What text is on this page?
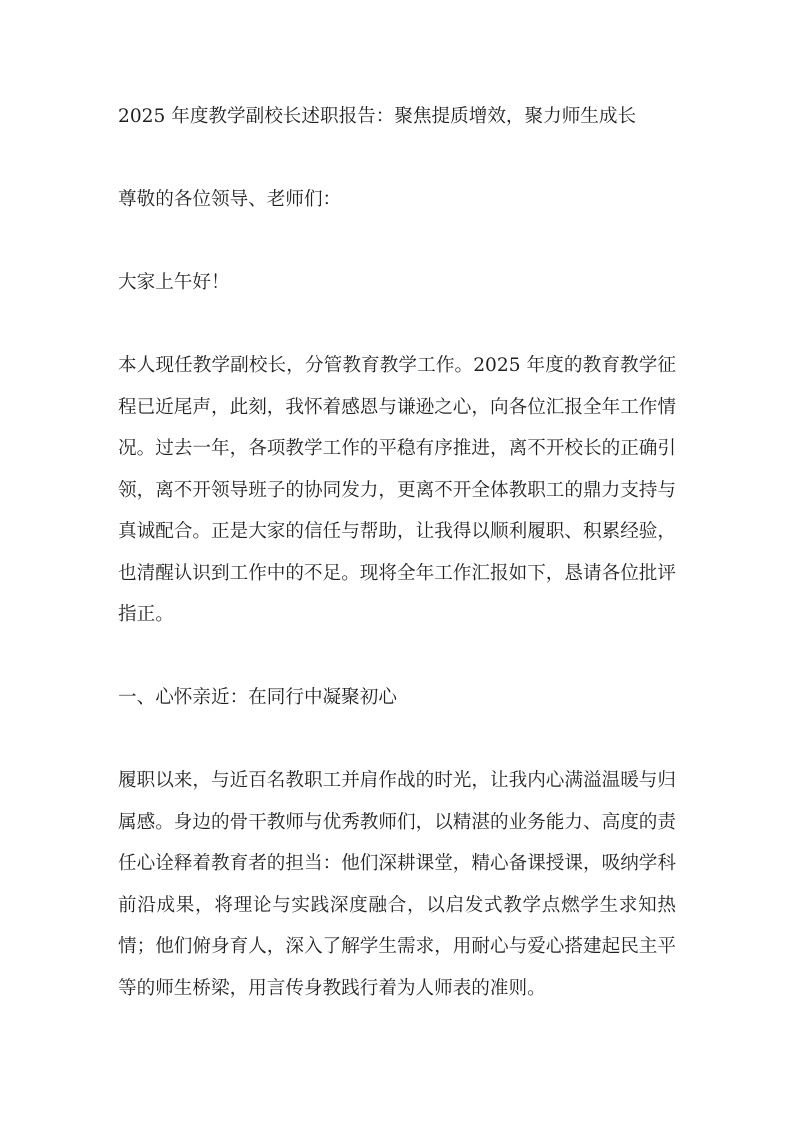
2025 年度教学副校长述职报告：聚焦提质增效，聚力师生成长
尊敬的各位领导、老师们：
大家上午好！
本人现任教学副校长，分管教育教学工作。2025 年度的教育教学征程已近尾声，此刻，我怀着感恩与谦逊之心，向各位汇报全年工作情况。过去一年，各项教学工作的平稳有序推进，离不开校长的正确引领，离不开领导班子的协同发力，更离不开全体教职工的鼎力支持与真诚配合。正是大家的信任与帮助，让我得以顺利履职、积累经验，也清醒认识到工作中的不足。现将全年工作汇报如下，恳请各位批评指正。
一、心怀亲近：在同行中凝聚初心
履职以来，与近百名教职工并肩作战的时光，让我内心满溢温暖与归属感。身边的骨干教师与优秀教师们，以精湛的业务能力、高度的责任心诠释着教育者的担当：他们深耕课堂，精心备课授课，吸纳学科前沿成果，将理论与实践深度融合，以启发式教学点燃学生求知热情；他们俯身育人，深入了解学生需求，用耐心与爱心搭建起民主平等的师生桥梁，用言传身教践行着为人师表的准则。
